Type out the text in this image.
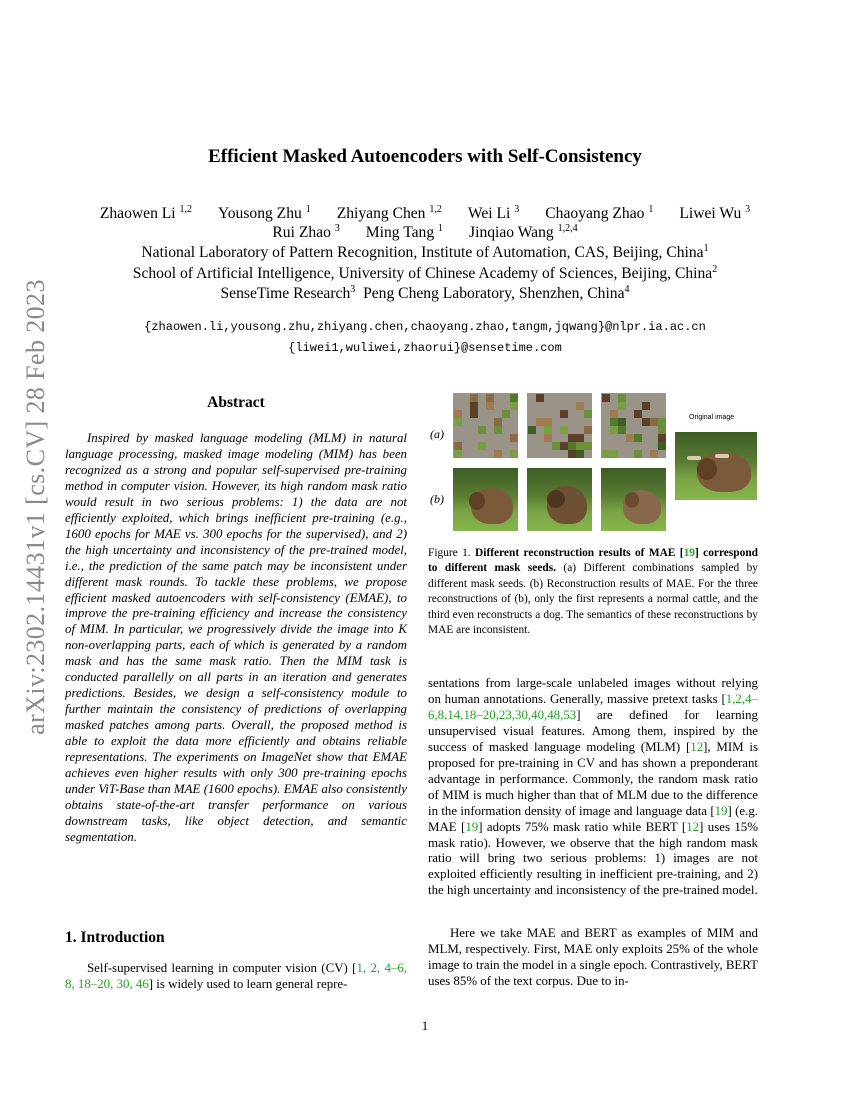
arXiv:2302.14431v1 [cs.CV] 28 Feb 2023
Efficient Masked Autoencoders with Self-Consistency
Zhaowen Li $^{1,2}$ Yousong Zhu $^1$ Zhiyang Chen $^{1,2}$ Wei Li $^3$ Chaoyang Zhao $^1$ Liwei Wu $^3$
Rui Zhao $^3$ Ming Tang $^1$ Jinqiao Wang $^{1,2,4}$
National Laboratory of Pattern Recognition, Institute of Automation, CAS, Beijing, China$^1$
School of Artificial Intelligence, University of Chinese Academy of Sciences, Beijing, China$^2$
SenseTime Research$^3$  Peng Cheng Laboratory, Shenzhen, China$^4$
{zhaowen.li,yousong.zhu,zhiyang.chen,chaoyang.zhao,tangm,jqwang}@nlpr.ia.ac.cn
{liwei1,wuliwei,zhaorui}@sensetime.com
Abstract

Inspired by masked language modeling (MLM) in natural language processing, masked image modeling (MIM) has been recognized as a strong and popular self-supervised pre-training method in computer vision. However, its high random mask ratio would result in two serious problems: 1) the data are not efficiently exploited, which brings inefficient pre-training (e.g., 1600 epochs for MAE vs. 300 epochs for the supervised), and 2) the high uncertainty and inconsistency of the pre-trained model, i.e., the prediction of the same patch may be inconsistent under different mask rounds. To tackle these problems, we propose efficient masked autoencoders with self-consistency (EMAE), to improve the pre-training efficiency and increase the consistency of MIM. In particular, we progressively divide the image into K non-overlapping parts, each of which is generated by a random mask and has the same mask ratio. Then the MIM task is conducted parallelly on all parts in an iteration and generates predictions. Besides, we design a self-consistency module to further maintain the consistency of predictions of overlapping masked patches among parts. Overall, the proposed method is able to exploit the data more efficiently and obtains reliable representations. The experiments on ImageNet show that EMAE achieves even higher results with only 300 pre-training epochs under ViT-Base than MAE (1600 epochs). EMAE also consistently obtains state-of-the-art transfer performance on various downstream tasks, like object detection, and semantic segmentation.

1. Introduction

Self-supervised learning in computer vision (CV) [1, 2, 4–6, 8, 18–20, 30, 46] is widely used to learn general repre-

(a)
(b)
Original image

Figure 1. Different reconstruction results of MAE [19] correspond to different mask seeds. (a) Different combinations sampled by different mask seeds. (b) Reconstruction results of MAE. For the three reconstructions of (b), only the first represents a normal cattle, and the third even reconstructs a dog. The semantics of these reconstructions by MAE are inconsistent.

sentations from large-scale unlabeled images without relying on human annotations. Generally, massive pretext tasks [1,2,4–6,8,14,18–20,23,30,40,48,53] are defined for learning unsupervised visual features. Among them, inspired by the success of masked language modeling (MLM) [12], MIM is proposed for pre-training in CV and has shown a preponderant advantage in performance. Commonly, the random mask ratio of MIM is much higher than that of MLM due to the difference in the information density of image and language data [19] (e.g. MAE [19] adopts 75% mask ratio while BERT [12] uses 15% mask ratio). However, we observe that the high random mask ratio will bring two serious problems: 1) images are not exploited efficiently resulting in inefficient pre-training, and 2) the high uncertainty and inconsistency of the pre-trained model.

Here we take MAE and BERT as examples of MIM and MLM, respectively. First, MAE only exploits 25% of the whole image to train the model in a single epoch. Contrastively, BERT uses 85% of the text corpus. Due to in-

1
